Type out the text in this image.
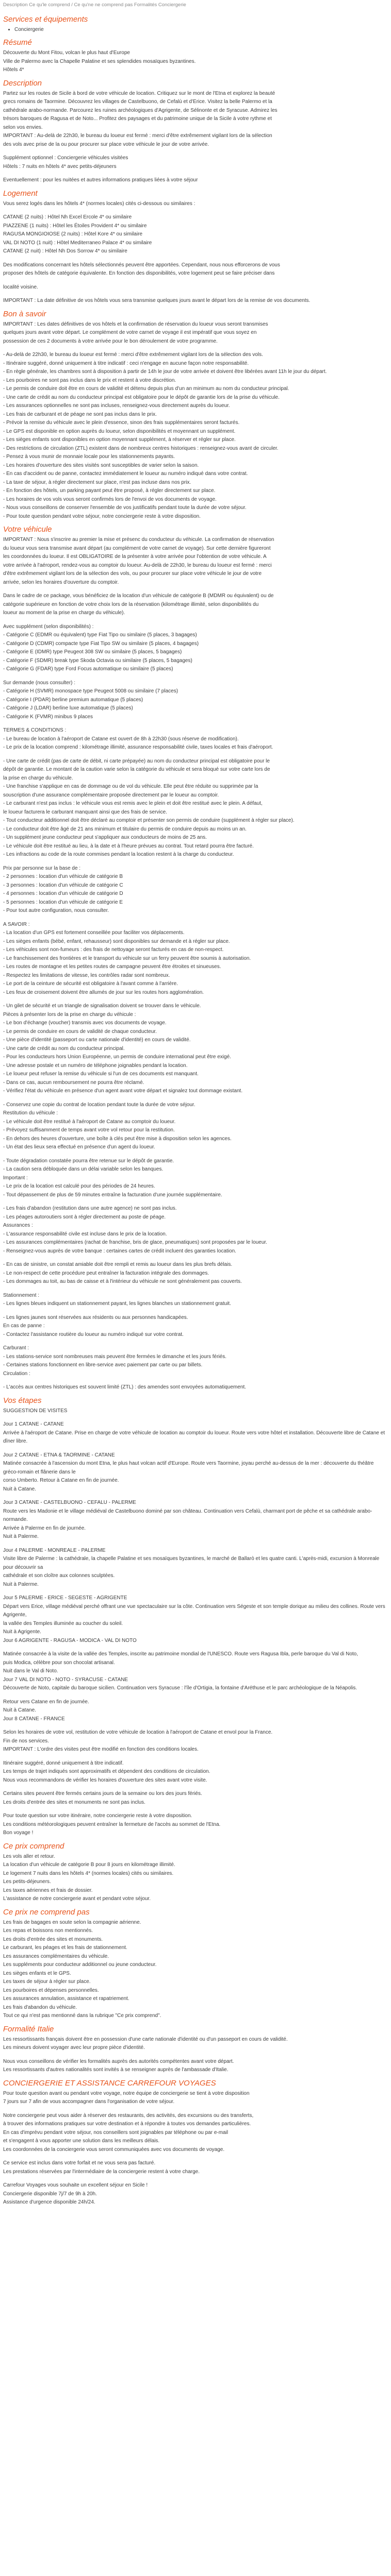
Description Ce qu'le comprend / Ce qu'ne ne comprend pas Formalités Conciergerie
Services et équipements
• Conciergerie
Résumé

Découverte du Mont Fitou, volcan le plus haut d'Europe

Ville de Palermo avec la Chapelle Palatine et ses splendides mosaïques byzantines.

Hôtels 4*

Description

Partez sur les routes de Sicile à bord de votre véhicule de location. Critiquez sur le mont de l'Etna et explorez la beauté

grecs romains de Taormine. Découvrez les villages de Castelbuono, de Cefalù et d'Erice. Visitez la belle Palermo et la

cathédrale arabo-normande. Parcourez les ruines archéologiques d'Agrigente, de Sélinonte et de Syracuse. Admirez les

trésors baroques de Ragusa et de Noto... Profitez des paysages et du patrimoine unique de la Sicile à votre rythme et

selon vos envies.

IMPORTANT : Au-delà de 22h30, le bureau du loueur est fermé : merci d'être extrêmement vigilant lors de la sélection

des vols avec prise de la ou pour procurer sur place votre véhicule le jour de votre arrivée.

Supplément optionnel : Conciergerie véhicules visitées

Hôtels : 7 nuits en hôtels 4* avec petits-déjeuners

Eventuellement : pour les nuitées et autres informations pratiques liées à votre séjour

Logement

Vous serez logés dans les hôtels 4* (normes locales) cités ci-dessous ou similaires :

CATANE (2 nuits) : Hôtel Nh Excel Ercole 4* ou similaire

PIAZZENE (1 nuits) : Hôtel les Étoiles Provident 4* ou similaire

RAGUSA MONGIOIOSE (2 nuits) : Hôtel Kore 4* ou similaire

VAL DI NOTO (1 nuit) : Hôtel Mediterraneo Palace 4* ou similaire

CATANE (2 nuit) : Hôtel Nh Dos Sorrow 4* ou similaire

Des modifications concernant les hôtels sélectionnés peuvent être apportées. Cependant, nous nous efforcerons de vous

proposer des hôtels de catégorie équivalente. En fonction des disponibilités, votre logement peut se faire préciser dans

localité voisine.

IMPORTANT : La date définitive de vos hôtels vous sera transmise quelques jours avant le départ lors de la remise de vos documents.

Bon à savoir

IMPORTANT : Les dates définitives de vos hôtels et la confirmation de réservation du loueur vous seront transmises

quelques jours avant votre départ. Le complément de votre carnet de voyage il est impératif que vous soyez en

possession de ces 2 documents à votre arrivée pour le bon déroulement de votre programme.

- Au-delà de 22h30, le bureau du loueur est fermé : merci d'être extrêmement vigilant lors de la sélection des vols.

- Itinéraire suggéré, donné uniquement à titre indicatif : ceci n'engage en aucune façon notre responsabilité.

- En règle générale, les chambres sont à disposition à partir de 14h le jour de votre arrivée et doivent être libérées avant 11h le jour du départ.

- Les pourboires ne sont pas inclus dans le prix et restent à votre discrétion.

- Le permis de conduire doit être en cours de validité et détenu depuis plus d'un an minimum au nom du conducteur principal.

- Une carte de crédit au nom du conducteur principal est obligatoire pour le dépôt de garantie lors de la prise du véhicule.

- Les assurances optionnelles ne sont pas incluses, renseignez-vous directement auprès du loueur.

- Les frais de carburant et de péage ne sont pas inclus dans le prix.

- Prévoir la remise du véhicule avec le plein d'essence, sinon des frais supplémentaires seront facturés.

- Le GPS est disponible en option auprès du loueur, selon disponibilités et moyennant un supplément.

- Les sièges enfants sont disponibles en option moyennant supplément, à réserver et régler sur place.

- Des restrictions de circulation (ZTL) existent dans de nombreux centres historiques : renseignez-vous avant de circuler.

- Pensez à vous munir de monnaie locale pour les stationnements payants.

- Les horaires d'ouverture des sites visités sont susceptibles de varier selon la saison.

- En cas d'accident ou de panne, contactez immédiatement le loueur au numéro indiqué dans votre contrat.

- La taxe de séjour, à régler directement sur place, n'est pas incluse dans nos prix.

- En fonction des hôtels, un parking payant peut être proposé, à régler directement sur place.

- Les horaires de vos vols vous seront confirmés lors de l'envoi de vos documents de voyage.

- Nous vous conseillons de conserver l'ensemble de vos justificatifs pendant toute la durée de votre séjour.

- Pour toute question pendant votre séjour, notre conciergerie reste à votre disposition.

Votre véhicule

IMPORTANT : Nous s'inscrire au premier la mise et présenc du conducteur du véhicule. La confirmation de réservation

du loueur vous sera transmise avant départ (au complément de votre carnet de voyage). Sur cette dernière figureront

les coordonnées du loueur. Il est OBLIGATOIRE de la présenter à votre arrivée pour l'obtention de votre véhicule. A

votre arrivée à l'aéroport, rendez-vous au comptoir du loueur. Au-delà de 22h30, le bureau du loueur est fermé : merci

d'être extrêmement vigilant lors de la sélection des vols, ou pour procurer sur place votre véhicule le jour de votre

arrivée, selon les horaires d'ouverture du comptoir.

Dans le cadre de ce package, vous bénéficiez de la location d'un véhicule de catégorie B (MDMR ou équivalent) ou de

catégorie supérieure en fonction de votre choix lors de la réservation (kilométrage illimité, selon disponibilités du

loueur au moment de la prise en charge du véhicule).

Avec supplément (selon disponibilités) :

- Catégorie C (EDMR ou équivalent) type Fiat Tipo ou similaire (5 places, 3 bagages)

- Catégorie D (CDMR) compacte type Fiat Tipo SW ou similaire (5 places, 4 bagages)

- Catégorie E (IDMR) type Peugeot 308 SW ou similaire (5 places, 5 bagages)

- Catégorie F (SDMR) break type Skoda Octavia ou similaire (5 places, 5 bagages)

- Catégorie G (FDAR) type Ford Focus automatique ou similaire (5 places)

Sur demande (nous consulter) :

- Catégorie H (SVMR) monospace type Peugeot 5008 ou similaire (7 places)

- Catégorie I (PDAR) berline premium automatique (5 places)

- Catégorie J (LDAR) berline luxe automatique (5 places)

- Catégorie K (FVMR) minibus 9 places

TERMES & CONDITIONS :

- Le bureau de location à l'aéroport de Catane est ouvert de 8h à 22h30 (sous réserve de modification).

- Le prix de la location comprend : kilométrage illimité, assurance responsabilité civile, taxes locales et frais d'aéroport.

- Une carte de crédit (pas de carte de débit, ni carte prépayée) au nom du conducteur principal est obligatoire pour le

dépôt de garantie. Le montant de la caution varie selon la catégorie du véhicule et sera bloqué sur votre carte lors de

la prise en charge du véhicule.

- Une franchise s'applique en cas de dommage ou de vol du véhicule. Elle peut être réduite ou supprimée par la

souscription d'une assurance complémentaire proposée directement par le loueur au comptoir.

- Le carburant n'est pas inclus : le véhicule vous est remis avec le plein et doit être restitué avec le plein. A défaut,

le loueur facturera le carburant manquant ainsi que des frais de service.

- Tout conducteur additionnel doit être déclaré au comptoir et présenter son permis de conduire (supplément à régler sur place).

- Le conducteur doit être âgé de 21 ans minimum et titulaire du permis de conduire depuis au moins un an.

- Un supplément jeune conducteur peut s'appliquer aux conducteurs de moins de 25 ans.

- Le véhicule doit être restitué au lieu, à la date et à l'heure prévues au contrat. Tout retard pourra être facturé.

- Les infractions au code de la route commises pendant la location restent à la charge du conducteur.

Prix par personne sur la base de :

- 2 personnes : location d'un véhicule de catégorie B

- 3 personnes : location d'un véhicule de catégorie C

- 4 personnes : location d'un véhicule de catégorie D

- 5 personnes : location d'un véhicule de catégorie E

- Pour tout autre configuration, nous consulter.

A SAVOIR :

- La location d'un GPS est fortement conseillée pour faciliter vos déplacements.

- Les sièges enfants (bébé, enfant, rehausseur) sont disponibles sur demande et à régler sur place.

- Les véhicules sont non-fumeurs : des frais de nettoyage seront facturés en cas de non-respect.

- Le franchissement des frontières et le transport du véhicule sur un ferry peuvent être soumis à autorisation.

- Les routes de montagne et les petites routes de campagne peuvent être étroites et sinueuses.

- Respectez les limitations de vitesse, les contrôles radar sont nombreux.

- Le port de la ceinture de sécurité est obligatoire à l'avant comme à l'arrière.

- Les feux de croisement doivent être allumés de jour sur les routes hors agglomération.

- Un gilet de sécurité et un triangle de signalisation doivent se trouver dans le véhicule.

Pièces à présenter lors de la prise en charge du véhicule :

- Le bon d'échange (voucher) transmis avec vos documents de voyage.

- Le permis de conduire en cours de validité de chaque conducteur.

- Une pièce d'identité (passeport ou carte nationale d'identité) en cours de validité.

- Une carte de crédit au nom du conducteur principal.

- Pour les conducteurs hors Union Européenne, un permis de conduire international peut être exigé.

- Une adresse postale et un numéro de téléphone joignables pendant la location.

- Le loueur peut refuser la remise du véhicule si l'un de ces documents est manquant.

- Dans ce cas, aucun remboursement ne pourra être réclamé.

- Vérifiez l'état du véhicule en présence d'un agent avant votre départ et signalez tout dommage existant.

- Conservez une copie du contrat de location pendant toute la durée de votre séjour.

Restitution du véhicule :

- Le véhicule doit être restitué à l'aéroport de Catane au comptoir du loueur.

- Prévoyez suffisamment de temps avant votre vol retour pour la restitution.

- En dehors des heures d'ouverture, une boîte à clés peut être mise à disposition selon les agences.

- Un état des lieux sera effectué en présence d'un agent du loueur.

- Toute dégradation constatée pourra être retenue sur le dépôt de garantie.

- La caution sera débloquée dans un délai variable selon les banques.

Important :

- Le prix de la location est calculé pour des périodes de 24 heures.

- Tout dépassement de plus de 59 minutes entraîne la facturation d'une journée supplémentaire.

- Les frais d'abandon (restitution dans une autre agence) ne sont pas inclus.

- Les péages autoroutiers sont à régler directement au poste de péage.

Assurances :

- L'assurance responsabilité civile est incluse dans le prix de la location.

- Les assurances complémentaires (rachat de franchise, bris de glace, pneumatiques) sont proposées par le loueur.

- Renseignez-vous auprès de votre banque : certaines cartes de crédit incluent des garanties location.

- En cas de sinistre, un constat amiable doit être rempli et remis au loueur dans les plus brefs délais.

- Le non-respect de cette procédure peut entraîner la facturation intégrale des dommages.

- Les dommages au toit, au bas de caisse et à l'intérieur du véhicule ne sont généralement pas couverts.

Stationnement :

- Les lignes bleues indiquent un stationnement payant, les lignes blanches un stationnement gratuit.

- Les lignes jaunes sont réservées aux résidents ou aux personnes handicapées.

En cas de panne :

- Contactez l'assistance routière du loueur au numéro indiqué sur votre contrat.

Carburant :

- Les stations-service sont nombreuses mais peuvent être fermées le dimanche et les jours fériés.

- Certaines stations fonctionnent en libre-service avec paiement par carte ou par billets.

Circulation :

- L'accès aux centres historiques est souvent limité (ZTL) : des amendes sont envoyées automatiquement.

Vos étapes

SUGGESTION DE VISITES

Jour 1 CATANE - CATANE

Arrivée à l'aéroport de Catane. Prise en charge de votre véhicule de location au comptoir du loueur. Route vers votre hôtel et installation. Découverte libre de Catane et dîner libre.

Jour 2 CATANE - ETNA & TAORMINE - CATANE

Matinée consacrée à l'ascension du mont Etna, le plus haut volcan actif d'Europe. Route vers Taormine, joyau perché au-dessus de la mer : découverte du théâtre gréco-romain et flânerie dans le

corso Umberto. Retour à Catane en fin de journée.

Nuit à Catane.

Jour 3 CATANE - CASTELBUONO - CEFALU - PALERME

Route vers les Madonie et le village médiéval de Castelbuono dominé par son château. Continuation vers Cefalù, charmant port de pêche et sa cathédrale arabo-normande.

Arrivée à Palerme en fin de journée.

Nuit à Palerme.

Jour 4 PALERME - MONREALE - PALERME

Visite libre de Palerme : la cathédrale, la chapelle Palatine et ses mosaïques byzantines, le marché de Ballarò et les quatre canti. L'après-midi, excursion à Monreale pour découvrir sa

cathédrale et son cloître aux colonnes sculptées.

Nuit à Palerme.

Jour 5 PALERME - ERICE - SEGESTE - AGRIGENTE

Départ vers Erice, village médiéval perché offrant une vue spectaculaire sur la côte. Continuation vers Ségeste et son temple dorique au milieu des collines. Route vers Agrigente,

la vallée des Temples illuminée au coucher du soleil.

Nuit à Agrigente.

Jour 6 AGRIGENTE - RAGUSA - MODICA - VAL DI NOTO

Matinée consacrée à la visite de la vallée des Temples, inscrite au patrimoine mondial de l'UNESCO. Route vers Ragusa Ibla, perle baroque du Val di Noto,

puis Modica, célèbre pour son chocolat artisanal.

Nuit dans le Val di Noto.

Jour 7 VAL DI NOTO - NOTO - SYRACUSE - CATANE

Découverte de Noto, capitale du baroque sicilien. Continuation vers Syracuse : l'île d'Ortigia, la fontaine d'Aréthuse et le parc archéologique de la Néapolis.

Retour vers Catane en fin de journée.

Nuit à Catane.

Jour 8 CATANE - FRANCE

Selon les horaires de votre vol, restitution de votre véhicule de location à l'aéroport de Catane et envol pour la France.

Fin de nos services.

IMPORTANT : L'ordre des visites peut être modifié en fonction des conditions locales.

Itinéraire suggéré, donné uniquement à titre indicatif.

Les temps de trajet indiqués sont approximatifs et dépendent des conditions de circulation.

Nous vous recommandons de vérifier les horaires d'ouverture des sites avant votre visite.

Certains sites peuvent être fermés certains jours de la semaine ou lors des jours fériés.

Les droits d'entrée des sites et monuments ne sont pas inclus.

Pour toute question sur votre itinéraire, notre conciergerie reste à votre disposition.

Les conditions météorologiques peuvent entraîner la fermeture de l'accès au sommet de l'Etna.

Bon voyage !

Ce prix comprend

Les vols aller et retour.

La location d'un véhicule de catégorie B pour 8 jours en kilométrage illimité.

Le logement 7 nuits dans les hôtels 4* (normes locales) cités ou similaires.

Les petits-déjeuners.

Les taxes aériennes et frais de dossier.

L'assistance de notre conciergerie avant et pendant votre séjour.

Ce prix ne comprend pas

Les frais de bagages en soute selon la compagnie aérienne.

Les repas et boissons non mentionnés.

Les droits d'entrée des sites et monuments.

Le carburant, les péages et les frais de stationnement.

Les assurances complémentaires du véhicule.

Les suppléments pour conducteur additionnel ou jeune conducteur.

Les sièges enfants et le GPS.

Les taxes de séjour à régler sur place.

Les pourboires et dépenses personnelles.

Les assurances annulation, assistance et rapatriement.

Les frais d'abandon du véhicule.

Tout ce qui n'est pas mentionné dans la rubrique "Ce prix comprend".

Formalité Italie

Les ressortissants français doivent être en possession d'une carte nationale d'identité ou d'un passeport en cours de validité.

Les mineurs doivent voyager avec leur propre pièce d'identité.

Nous vous conseillons de vérifier les formalités auprès des autorités compétentes avant votre départ.

Les ressortissants d'autres nationalités sont invités à se renseigner auprès de l'ambassade d'Italie.

CONCIERGERIE ET ASSISTANCE CARREFOUR VOYAGES

Pour toute question avant ou pendant votre voyage, notre équipe de conciergerie se tient à votre disposition

7 jours sur 7 afin de vous accompagner dans l'organisation de votre séjour.

Notre conciergerie peut vous aider à réserver des restaurants, des activités, des excursions ou des transferts,

à trouver des informations pratiques sur votre destination et à répondre à toutes vos demandes particulières.

En cas d'imprévu pendant votre séjour, nos conseillers sont joignables par téléphone ou par e-mail

et s'engagent à vous apporter une solution dans les meilleurs délais.

Les coordonnées de la conciergerie vous seront communiquées avec vos documents de voyage.

Ce service est inclus dans votre forfait et ne vous sera pas facturé.

Les prestations réservées par l'intermédiaire de la conciergerie restent à votre charge.

Carrefour Voyages vous souhaite un excellent séjour en Sicile !

Conciergerie disponible 7j/7 de 9h à 20h.

Assistance d'urgence disponible 24h/24.
